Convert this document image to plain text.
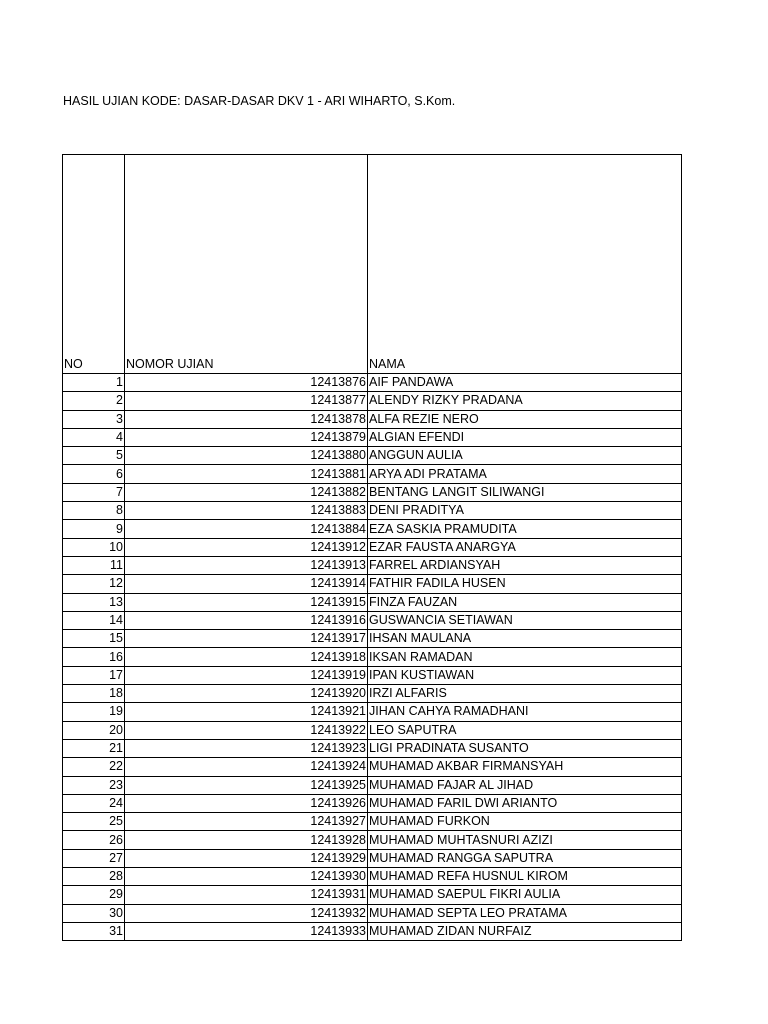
HASIL UJIAN KODE: DASAR-DASAR DKV 1 - ARI WIHARTO, S.Kom.
NO	NOMOR UJIAN	NAMA
1	12413876	AIF PANDAWA
2	12413877	ALENDY RIZKY PRADANA
3	12413878	ALFA REZIE NERO
4	12413879	ALGIAN EFENDI
5	12413880	ANGGUN AULIA
6	12413881	ARYA ADI PRATAMA
7	12413882	BENTANG LANGIT SILIWANGI
8	12413883	DENI PRADITYA
9	12413884	EZA SASKIA PRAMUDITA
10	12413912	EZAR FAUSTA ANARGYA
11	12413913	FARREL ARDIANSYAH
12	12413914	FATHIR FADILA HUSEN
13	12413915	FINZA FAUZAN
14	12413916	GUSWANCIA SETIAWAN
15	12413917	IHSAN MAULANA
16	12413918	IKSAN RAMADAN
17	12413919	IPAN KUSTIAWAN
18	12413920	IRZI ALFARIS
19	12413921	JIHAN CAHYA RAMADHANI
20	12413922	LEO SAPUTRA
21	12413923	LIGI PRADINATA SUSANTO
22	12413924	MUHAMAD AKBAR FIRMANSYAH
23	12413925	MUHAMAD FAJAR AL JIHAD
24	12413926	MUHAMAD FARIL DWI ARIANTO
25	12413927	MUHAMAD FURKON
26	12413928	MUHAMAD MUHTASNURI AZIZI
27	12413929	MUHAMAD RANGGA SAPUTRA
28	12413930	MUHAMAD REFA HUSNUL KIROM
29	12413931	MUHAMAD SAEPUL FIKRI AULIA
30	12413932	MUHAMAD SEPTA LEO PRATAMA
31	12413933	MUHAMAD ZIDAN NURFAIZ
